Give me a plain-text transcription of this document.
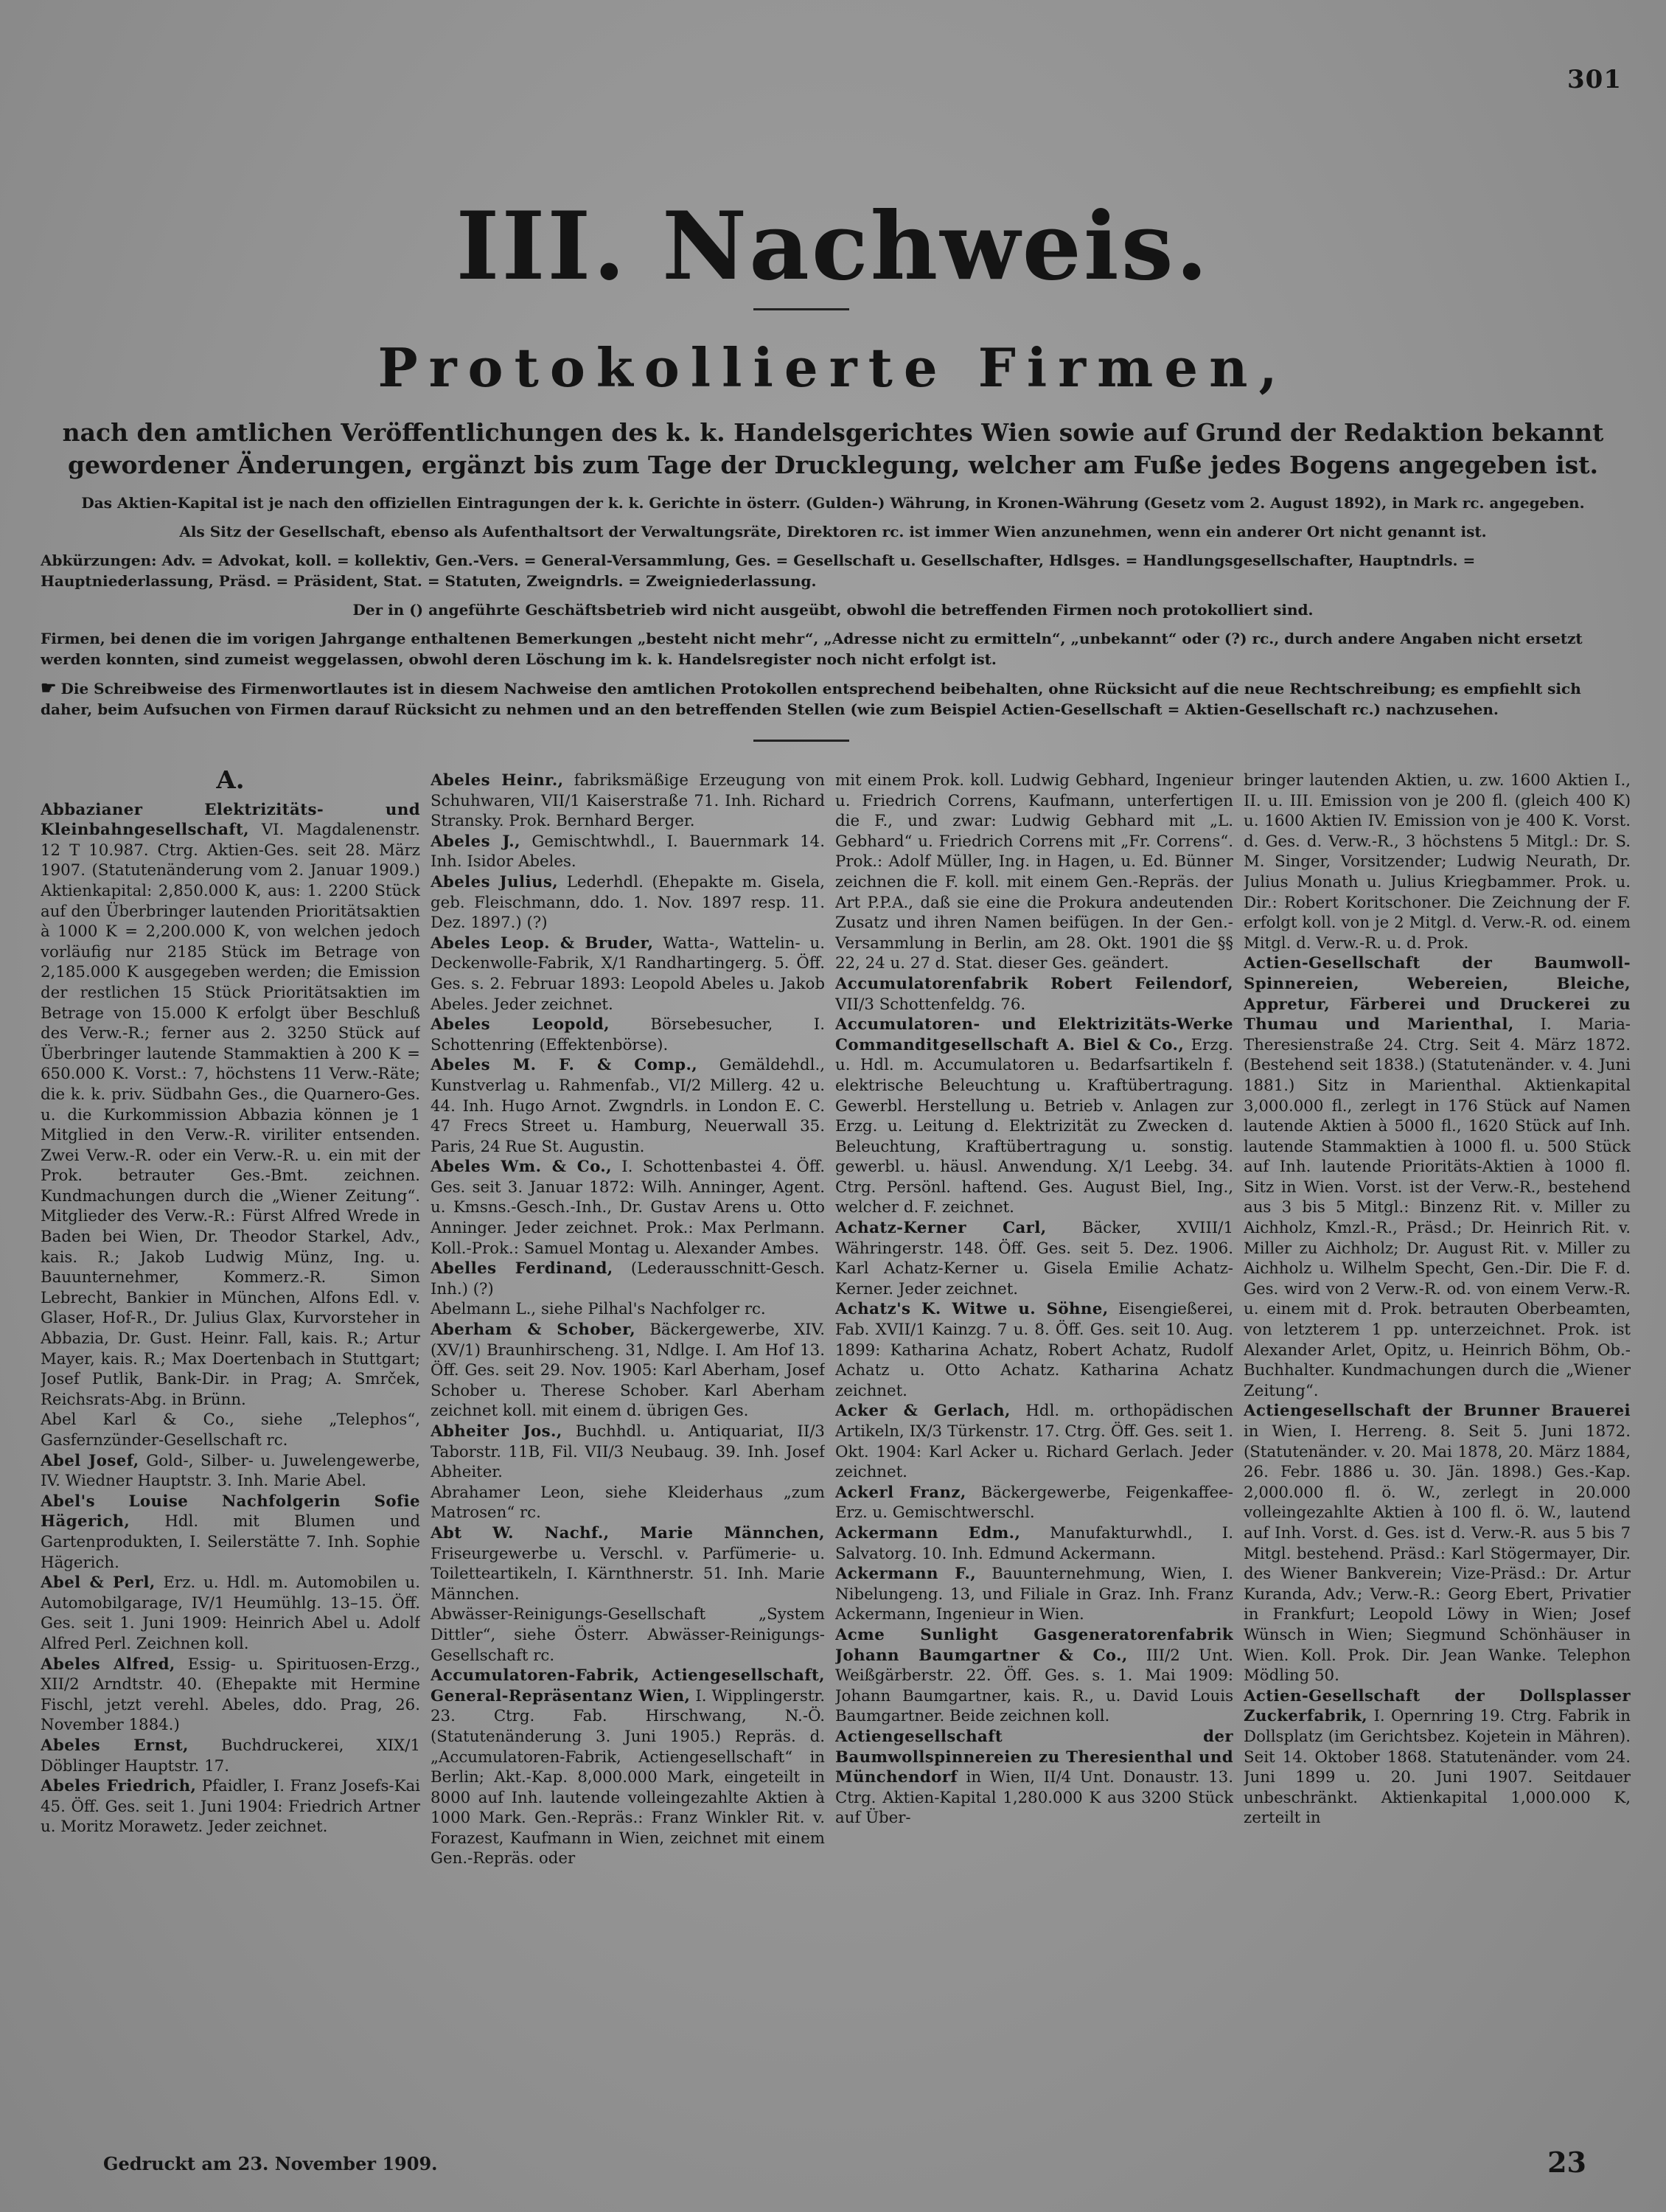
301
III. Nachweis.
Protokollierte Firmen,
nach den amtlichen Veröffentlichungen des k. k. Handelsgerichtes Wien sowie auf Grund der Redaktion bekannt gewordener Änderungen, ergänzt bis zum Tage der Drucklegung, welcher am Fuße jedes Bogens angegeben ist.

Das Aktien-Kapital ist je nach den offiziellen Eintragungen der k. k. Gerichte in österr. (Gulden-) Währung, in Kronen-Währung (Gesetz vom 2. August 1892), in Mark rc. angegeben.

Als Sitz der Gesellschaft, ebenso als Aufenthaltsort der Verwaltungsräte, Direktoren rc. ist immer Wien anzunehmen, wenn ein anderer Ort nicht genannt ist.

Abkürzungen: Adv. = Advokat, koll. = kollektiv, Gen.-Vers. = General-Versammlung, Ges. = Gesellschaft u. Gesellschafter, Hdlsges. = Handlungsgesellschafter, Hauptndrls. = Hauptniederlassung, Präsd. = Präsident, Stat. = Statuten, Zweigndrls. = Zweigniederlassung.

Der in () angeführte Geschäftsbetrieb wird nicht ausgeübt, obwohl die betreffenden Firmen noch protokolliert sind.

Firmen, bei denen die im vorigen Jahrgange enthaltenen Bemerkungen „besteht nicht mehr“, „Adresse nicht zu ermitteln“, „unbekannt“ oder (?) rc., durch andere Angaben nicht ersetzt werden konnten, sind zumeist weggelassen, obwohl deren Löschung im k. k. Handelsregister noch nicht erfolgt ist.

☛ Die Schreibweise des Firmenwortlautes ist in diesem Nachweise den amtlichen Protokollen entsprechend beibehalten, ohne Rücksicht auf die neue Rechtschreibung; es empfiehlt sich daher, beim Aufsuchen von Firmen darauf Rücksicht zu nehmen und an den betreffenden Stellen (wie zum Beispiel Actien-Gesellschaft = Aktien-Gesellschaft rc.) nachzusehen.

A.

Abbazianer Elektrizitäts- und Kleinbahngesellschaft, VI. Magdalenenstr. 12 T 10.987. Ctrg. Aktien-Ges. seit 28. März 1907. (Statutenänderung vom 2. Januar 1909.) Aktienkapital: 2,850.000 K, aus: 1. 2200 Stück auf den Überbringer lautenden Prioritätsaktien à 1000 K = 2,200.000 K, von welchen jedoch vorläufig nur 2185 Stück im Betrage von 2,185.000 K ausgegeben werden; die Emission der restlichen 15 Stück Prioritätsaktien im Betrage von 15.000 K erfolgt über Beschluß des Verw.-R.; ferner aus 2. 3250 Stück auf Überbringer lautende Stammaktien à 200 K = 650.000 K. Vorst.: 7, höchstens 11 Verw.-Räte; die k. k. priv. Südbahn Ges., die Quarnero-Ges. u. die Kurkommission Abbazia können je 1 Mitglied in den Verw.-R. viriliter entsenden. Zwei Verw.-R. oder ein Verw.-R. u. ein mit der Prok. betrauter Ges.-Bmt. zeichnen. Kundmachungen durch die „Wiener Zeitung“. Mitglieder des Verw.-R.: Fürst Alfred Wrede in Baden bei Wien, Dr. Theodor Starkel, Adv., kais. R.; Jakob Ludwig Münz, Ing. u. Bauunternehmer, Kommerz.-R. Simon Lebrecht, Bankier in München, Alfons Edl. v. Glaser, Hof-R., Dr. Julius Glax, Kurvorsteher in Abbazia, Dr. Gust. Heinr. Fall, kais. R.; Artur Mayer, kais. R.; Max Doertenbach in Stuttgart; Josef Putlik, Bank-Dir. in Prag; A. Smrček, Reichsrats-Abg. in Brünn.

Abel Karl & Co., siehe „Telephos“, Gasfernzünder-Gesellschaft rc.

Abel Josef, Gold-, Silber- u. Juwelengewerbe, IV. Wiedner Hauptstr. 3. Inh. Marie Abel.

Abel's Louise Nachfolgerin Sofie Hägerich, Hdl. mit Blumen und Gartenprodukten, I. Seilerstätte 7. Inh. Sophie Hägerich.

Abel & Perl, Erz. u. Hdl. m. Automobilen u. Automobilgarage, IV/1 Heumühlg. 13–15. Öff. Ges. seit 1. Juni 1909: Heinrich Abel u. Adolf Alfred Perl. Zeichnen koll.

Abeles Alfred, Essig- u. Spirituosen-Erzg., XII/2 Arndtstr. 40. (Ehepakte mit Hermine Fischl, jetzt verehl. Abeles, ddo. Prag, 26. November 1884.)

Abeles Ernst, Buchdruckerei, XIX/1 Döblinger Hauptstr. 17.

Abeles Friedrich, Pfaidler, I. Franz Josefs-Kai 45. Öff. Ges. seit 1. Juni 1904: Friedrich Artner u. Moritz Morawetz. Jeder zeichnet.

Abeles Heinr., fabriksmäßige Erzeugung von Schuhwaren, VII/1 Kaiserstraße 71. Inh. Richard Stransky. Prok. Bernhard Berger.

Abeles J., Gemischtwhdl., I. Bauernmark 14. Inh. Isidor Abeles.

Abeles Julius, Lederhdl. (Ehepakte m. Gisela, geb. Fleischmann, ddo. 1. Nov. 1897 resp. 11. Dez. 1897.) (?)

Abeles Leop. & Bruder, Watta-, Wattelin- u. Deckenwolle-Fabrik, X/1 Randhartingerg. 5. Öff. Ges. s. 2. Februar 1893: Leopold Abeles u. Jakob Abeles. Jeder zeichnet.

Abeles Leopold,	Börsebesucher, I. Schottenring (Effektenbörse).

Abeles M. F. & Comp., Gemäldehdl., Kunstverlag u. Rahmenfab., VI/2 Millerg. 42 u. 44. Inh. Hugo Arnot. Zwgndrls. in London E. C. 47 Frecs Street u. Hamburg, Neuerwall 35. Paris, 24 Rue St. Augustin.

Abeles Wm. & Co., I. Schottenbastei 4. Öff. Ges. seit 3. Januar 1872: Wilh. Anninger, Agent. u. Kmsns.-Gesch.-Inh., Dr. Gustav Arens u. Otto Anninger. Jeder zeichnet. Prok.: Max Perlmann. Koll.-Prok.: Samuel Montag u. Alexander Ambes.

Abelles Ferdinand, (Lederausschnitt-Gesch. Inh.) (?)

Abelmann L., siehe Pilhal's Nachfolger rc.

Aberham & Schober, Bäckergewerbe, XIV. (XV/1) Braunhirscheng. 31, Ndlge. I. Am Hof 13. Öff. Ges. seit 29. Nov. 1905: Karl Aberham, Josef Schober u. Therese Schober. Karl Aberham zeichnet koll. mit einem d. übrigen Ges.

Abheiter Jos., Buchhdl. u. Antiquariat, II/3 Taborstr. 11B, Fil. VII/3 Neubaug. 39. Inh. Josef Abheiter.

Abrahamer Leon, siehe Kleiderhaus „zum Matrosen“ rc.

Abt W. Nachf., Marie Männchen, Friseurgewerbe u. Verschl. v. Parfümerie- u. Toiletteartikeln, I. Kärnthnerstr. 51. Inh. Marie Männchen.

Abwässer-Reinigungs-Gesellschaft „System Dittler“, siehe Österr. Abwässer-Reinigungs-Gesellschaft rc.

Accumulatoren-Fabrik, Actiengesellschaft, General-Repräsentanz Wien, I. Wipplingerstr. 23. Ctrg. Fab. Hirschwang, N.-Ö. (Statutenänderung 3. Juni 1905.) Repräs. d. „Accumulatoren-Fabrik, Actiengesellschaft“ in Berlin; Akt.-Kap. 8,000.000 Mark, eingeteilt in 8000 auf Inh. lautende volleingezahlte Aktien à 1000 Mark. Gen.-Repräs.: Franz Winkler Rit. v. Forazest, Kaufmann in Wien, zeichnet mit einem Gen.-Repräs. oder

mit einem Prok. koll. Ludwig Gebhard, Ingenieur u. Friedrich Correns, Kaufmann, unterfertigen die F., und zwar: Ludwig Gebhard mit „L. Gebhard“ u. Friedrich Correns mit „Fr. Correns“. Prok.: Adolf Müller, Ing. in Hagen, u. Ed. Bünner zeichnen die F. koll. mit einem Gen.-Repräs. der Art P.P.A., daß sie eine die Prokura andeutenden Zusatz und ihren Namen beifügen. In der Gen.-Versammlung in Berlin, am 28. Okt. 1901 die §§ 22, 24 u. 27 d. Stat. dieser Ges. geändert.

Accumulatorenfabrik Robert Feilendorf, VII/3 Schottenfeldg. 76.

Accumulatoren- und Elektrizitäts-Werke Commanditgesellschaft A. Biel & Co., Erzg. u. Hdl. m. Accumulatoren u. Bedarfsartikeln f. elektrische Beleuchtung u. Kraftübertragung. Gewerbl. Herstellung u. Betrieb v. Anlagen zur Erzg. u. Leitung d. Elektrizität zu Zwecken d. Beleuchtung, Kraftübertragung u. sonstig. gewerbl. u. häusl. Anwendung. X/1 Leebg. 34. Ctrg. Persönl. haftend. Ges. August Biel, Ing., welcher d. F. zeichnet.

Achatz-Kerner Carl, Bäcker, XVIII/1 Währingerstr. 148. Öff. Ges. seit 5. Dez. 1906. Karl Achatz-Kerner u. Gisela Emilie Achatz-Kerner. Jeder zeichnet.

Achatz's K. Witwe u. Söhne, Eisengießerei, Fab. XVII/1 Kainzg. 7 u. 8. Öff. Ges. seit 10. Aug. 1899: Katharina Achatz, Robert Achatz, Rudolf Achatz u. Otto Achatz. Katharina Achatz zeichnet.

Acker & Gerlach, Hdl. m. orthopädischen Artikeln, IX/3 Türkenstr. 17. Ctrg. Öff. Ges. seit 1. Okt. 1904: Karl Acker u. Richard Gerlach. Jeder zeichnet.

Ackerl Franz, Bäckergewerbe, Feigenkaffee-Erz. u. Gemischtwerschl.

Ackermann Edm., Manufakturwhdl., I. Salvatorg. 10. Inh. Edmund Ackermann.

Ackermann F., Bauunternehmung, Wien, I. Nibelungeng. 13, und Filiale in Graz. Inh. Franz Ackermann, Ingenieur in Wien.

Acme Sunlight Gasgeneratorenfabrik Johann Baumgartner & Co., III/2 Unt. Weißgärberstr. 22. Öff. Ges. s. 1. Mai 1909: Johann Baumgartner, kais. R., u. David Louis Baumgartner. Beide zeichnen koll.

Actiengesellschaft der Baumwollspinnereien zu Theresienthal und Münchendorf in Wien, II/4 Unt. Donaustr. 13. Ctrg. Aktien-Kapital 1,280.000 K aus 3200 Stück auf Über-

bringer lautenden Aktien, u. zw. 1600 Aktien I., II. u. III. Emission von je 200 fl. (gleich 400 K) u. 1600 Aktien IV. Emission von je 400 K. Vorst. d. Ges. d. Verw.-R., 3 höchstens 5 Mitgl.: Dr. S. M. Singer, Vorsitzender; Ludwig Neurath, Dr. Julius Monath u. Julius Kriegbammer. Prok. u. Dir.: Robert Koritschoner. Die Zeichnung der F. erfolgt koll. von je 2 Mitgl. d. Verw.-R. od. einem Mitgl. d. Verw.-R. u. d. Prok.

Actien-Gesellschaft der Baumwoll-Spinnereien, Webereien, Bleiche, Appretur, Färberei und Druckerei zu Thumau und Marienthal, I. Maria-Theresienstraße 24. Ctrg. Seit 4. März 1872. (Bestehend seit 1838.) (Statutenänder. v. 4. Juni 1881.) Sitz in Marienthal. Aktienkapital 3,000.000 fl., zerlegt in 176 Stück auf Namen lautende Aktien à 5000 fl., 1620 Stück auf Inh. lautende Stammaktien à 1000 fl. u. 500 Stück auf Inh. lautende Prioritäts-Aktien à 1000 fl. Sitz in Wien. Vorst. ist der Verw.-R., bestehend aus 3 bis 5 Mitgl.: Binzenz Rit. v. Miller zu Aichholz, Kmzl.-R., Präsd.; Dr. Heinrich Rit. v. Miller zu Aichholz; Dr. August Rit. v. Miller zu Aichholz u. Wilhelm Specht, Gen.-Dir. Die F. d. Ges. wird von 2 Verw.-R. od. von einem Verw.-R. u. einem mit d. Prok. betrauten Oberbeamten, von letzterem 1 pp. unterzeichnet. Prok. ist Alexander Arlet, Opitz, u. Heinrich Böhm, Ob.-Buchhalter. Kundmachungen durch die „Wiener Zeitung“.

Actiengesellschaft der Brunner Brauerei in Wien, I. Herreng. 8. Seit 5. Juni 1872. (Statutenänder. v. 20. Mai 1878, 20. März 1884, 26. Febr. 1886 u. 30. Jän. 1898.) Ges.-Kap. 2,000.000 fl. ö. W., zerlegt in 20.000 volleingezahlte Aktien à 100 fl. ö. W., lautend auf Inh. Vorst. d. Ges. ist d. Verw.-R. aus 5 bis 7 Mitgl. bestehend. Präsd.: Karl Stögermayer, Dir. des Wiener Bankverein; Vize-Präsd.: Dr. Artur Kuranda, Adv.; Verw.-R.: Georg Ebert, Privatier in Frankfurt; Leopold Löwy in Wien; Josef Wünsch in Wien; Siegmund Schönhäuser in Wien. Koll. Prok. Dir. Jean Wanke. Telephon Mödling 50.

Actien-Gesellschaft der Dollsplasser Zuckerfabrik, I. Opernring 19. Ctrg. Fabrik in Dollsplatz (im Gerichtsbez. Kojetein in Mähren). Seit 14. Oktober 1868. Statutenänder. vom 24. Juni 1899 u. 20. Juni 1907. Seitdauer unbeschränkt. Aktienkapital 1,000.000 K, zerteilt in

Gedruckt am 23. November 1909.	23
